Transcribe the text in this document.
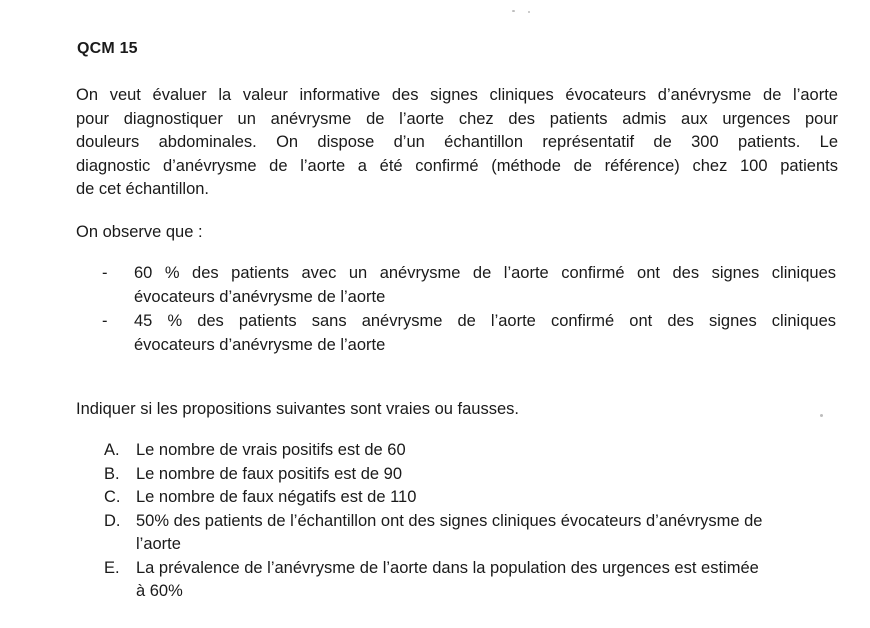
QCM 15
On veut évaluer la valeur informative des signes cliniques évocateurs d’anévrysme de l’aorte
pour diagnostiquer un anévrysme de l’aorte chez des patients admis aux urgences pour
douleurs abdominales. On dispose d’un échantillon représentatif de 300 patients. Le
diagnostic d’anévrysme de l’aorte a été confirmé (méthode de référence) chez 100 patients
de cet échantillon.
On observe que :
- 60 % des patients avec un anévrysme de l’aorte confirmé ont des signes cliniques
évocateurs d’anévrysme de l’aorte
- 45 % des patients sans anévrysme de l’aorte confirmé ont des signes cliniques
évocateurs d’anévrysme de l’aorte
Indiquer si les propositions suivantes sont vraies ou fausses.
A. Le nombre de vrais positifs est de 60
B. Le nombre de faux positifs est de 90
C. Le nombre de faux négatifs est de 110
D. 50% des patients de l’échantillon ont des signes cliniques évocateurs d’anévrysme de
l’aorte
E. La prévalence de l’anévrysme de l’aorte dans la population des urgences est estimée
à 60%
